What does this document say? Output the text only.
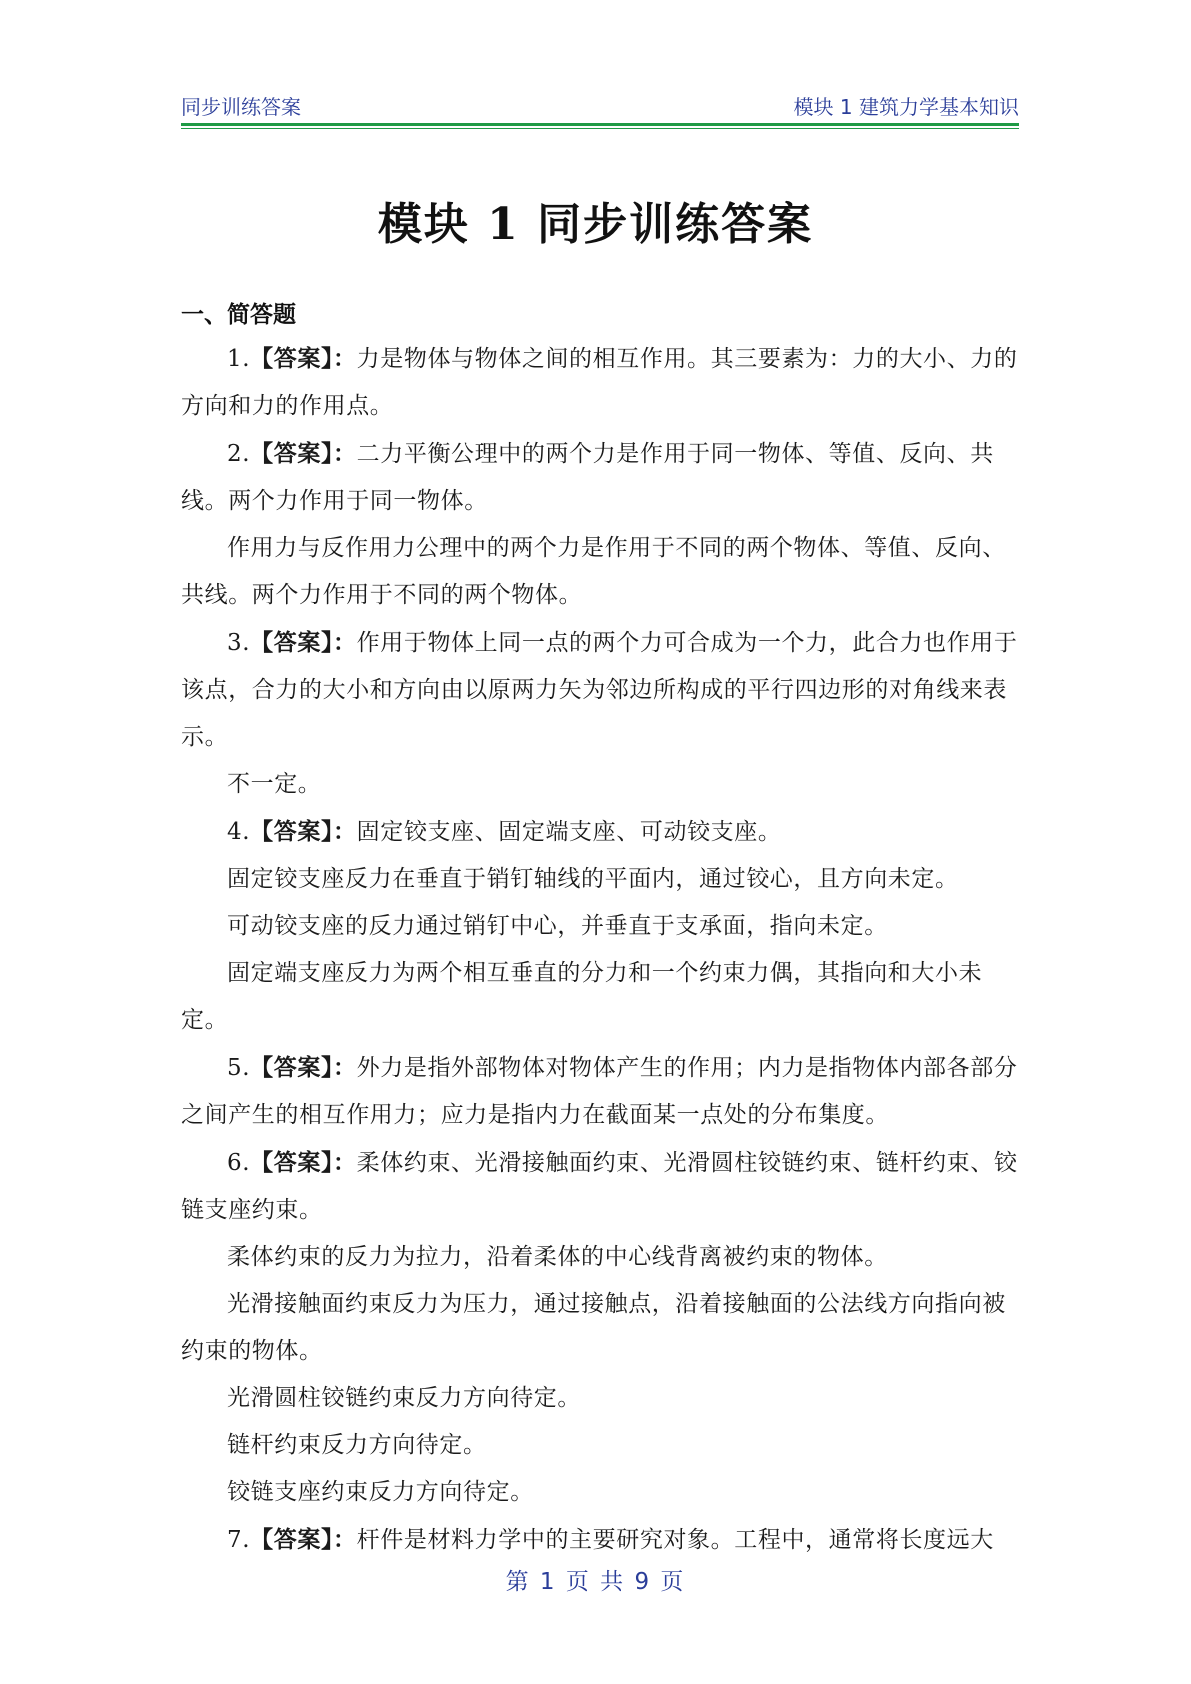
同步训练答案	模块 1 建筑力学基本知识
模块 1 同步训练答案
一、简答题

1.【答案】：力是物体与物体之间的相互作用。其三要素为：力的大小、力的方向和力的作用点。

2.【答案】：二力平衡公理中的两个力是作用于同一物体、等值、反向、共线。两个力作用于同一物体。

作用力与反作用力公理中的两个力是作用于不同的两个物体、等值、反向、共线。两个力作用于不同的两个物体。

3.【答案】：作用于物体上同一点的两个力可合成为一个力，此合力也作用于该点，合力的大小和方向由以原两力矢为邻边所构成的平行四边形的对角线来表示。

不一定。

4.【答案】：固定铰支座、固定端支座、可动铰支座。

固定铰支座反力在垂直于销钉轴线的平面内，通过铰心，且方向未定。

可动铰支座的反力通过销钉中心，并垂直于支承面，指向未定。

固定端支座反力为两个相互垂直的分力和一个约束力偶，其指向和大小未定。

5.【答案】：外力是指外部物体对物体产生的作用；内力是指物体内部各部分之间产生的相互作用力；应力是指内力在截面某一点处的分布集度。

6.【答案】：柔体约束、光滑接触面约束、光滑圆柱铰链约束、链杆约束、铰链支座约束。

柔体约束的反力为拉力，沿着柔体的中心线背离被约束的物体。

光滑接触面约束反力为压力，通过接触点，沿着接触面的公法线方向指向被约束的物体。

光滑圆柱铰链约束反力方向待定。

链杆约束反力方向待定。

铰链支座约束反力方向待定。

7.【答案】：杆件是材料力学中的主要研究对象。工程中，通常将长度远大

第 1 页 共 9 页
